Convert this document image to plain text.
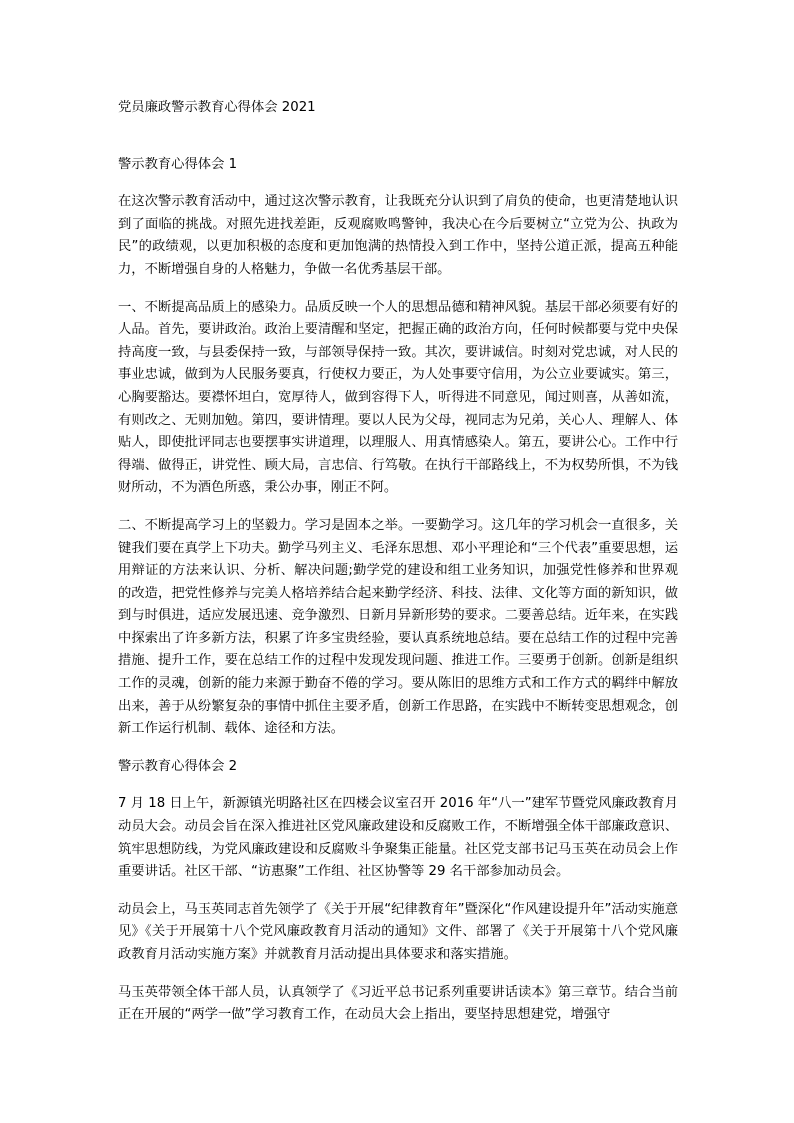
党员廉政警示教育心得体会 2021
警示教育心得体会 1
在这次警示教育活动中，通过这次警示教育，让我既充分认识到了肩负的使命，也更清楚地认识到了面临的挑战。对照先进找差距，反观腐败鸣警钟，我决心在今后要树立“立党为公、执政为民”的政绩观，以更加积极的态度和更加饱满的热情投入到工作中，坚持公道正派，提高五种能力，不断增强自身的人格魅力，争做一名优秀基层干部。
一、不断提高品质上的感染力。品质反映一个人的思想品德和精神风貌。基层干部必须要有好的人品。首先，要讲政治。政治上要清醒和坚定，把握正确的政治方向，任何时候都要与党中央保持高度一致，与县委保持一致，与部领导保持一致。其次，要讲诚信。时刻对党忠诚，对人民的事业忠诚，做到为人民服务要真，行使权力要正，为人处事要守信用，为公立业要诚实。第三，心胸要豁达。要襟怀坦白，宽厚待人，做到容得下人，听得进不同意见，闻过则喜，从善如流，有则改之、无则加勉。第四，要讲情理。要以人民为父母，视同志为兄弟，关心人、理解人、体贴人，即使批评同志也要摆事实讲道理，以理服人、用真情感染人。第五，要讲公心。工作中行得端、做得正，讲党性、顾大局，言忠信、行笃敬。在执行干部路线上，不为权势所惧，不为钱财所动，不为酒色所惑，秉公办事，刚正不阿。
二、不断提高学习上的坚毅力。学习是固本之举。一要勤学习。这几年的学习机会一直很多，关键我们要在真学上下功夫。勤学马列主义、毛泽东思想、邓小平理论和“三个代表”重要思想，运用辩证的方法来认识、分析、解决问题;勤学党的建设和组工业务知识，加强党性修养和世界观的改造，把党性修养与完美人格培养结合起来勤学经济、科技、法律、文化等方面的新知识，做到与时俱进，适应发展迅速、竞争激烈、日新月异新形势的要求。二要善总结。近年来，在实践中探索出了许多新方法，积累了许多宝贵经验，要认真系统地总结。要在总结工作的过程中完善措施、提升工作，要在总结工作的过程中发现发现问题、推进工作。三要勇于创新。创新是组织工作的灵魂，创新的能力来源于勤奋不倦的学习。要从陈旧的思维方式和工作方式的羁绊中解放出来，善于从纷繁复杂的事情中抓住主要矛盾，创新工作思路，在实践中不断转变思想观念，创新工作运行机制、载体、途径和方法。
警示教育心得体会 2
7 月 18 日上午，新源镇光明路社区在四楼会议室召开 2016 年“八一”建军节暨党风廉政教育月动员大会。动员会旨在深入推进社区党风廉政建设和反腐败工作，不断增强全体干部廉政意识、筑牢思想防线，为党风廉政建设和反腐败斗争聚集正能量。社区党支部书记马玉英在动员会上作重要讲话。社区干部、“访惠聚”工作组、社区协警等 29 名干部参加动员会。
动员会上，马玉英同志首先领学了《关于开展“纪律教育年”暨深化“作风建设提升年”活动实施意见》《关于开展第十八个党风廉政教育月活动的通知》文件、部署了《关于开展第十八个党风廉政教育月活动实施方案》并就教育月活动提出具体要求和落实措施。
马玉英带领全体干部人员，认真领学了《习近平总书记系列重要讲话读本》第三章节。结合当前正在开展的“两学一做”学习教育工作，在动员大会上指出，要坚持思想建党，增强守
